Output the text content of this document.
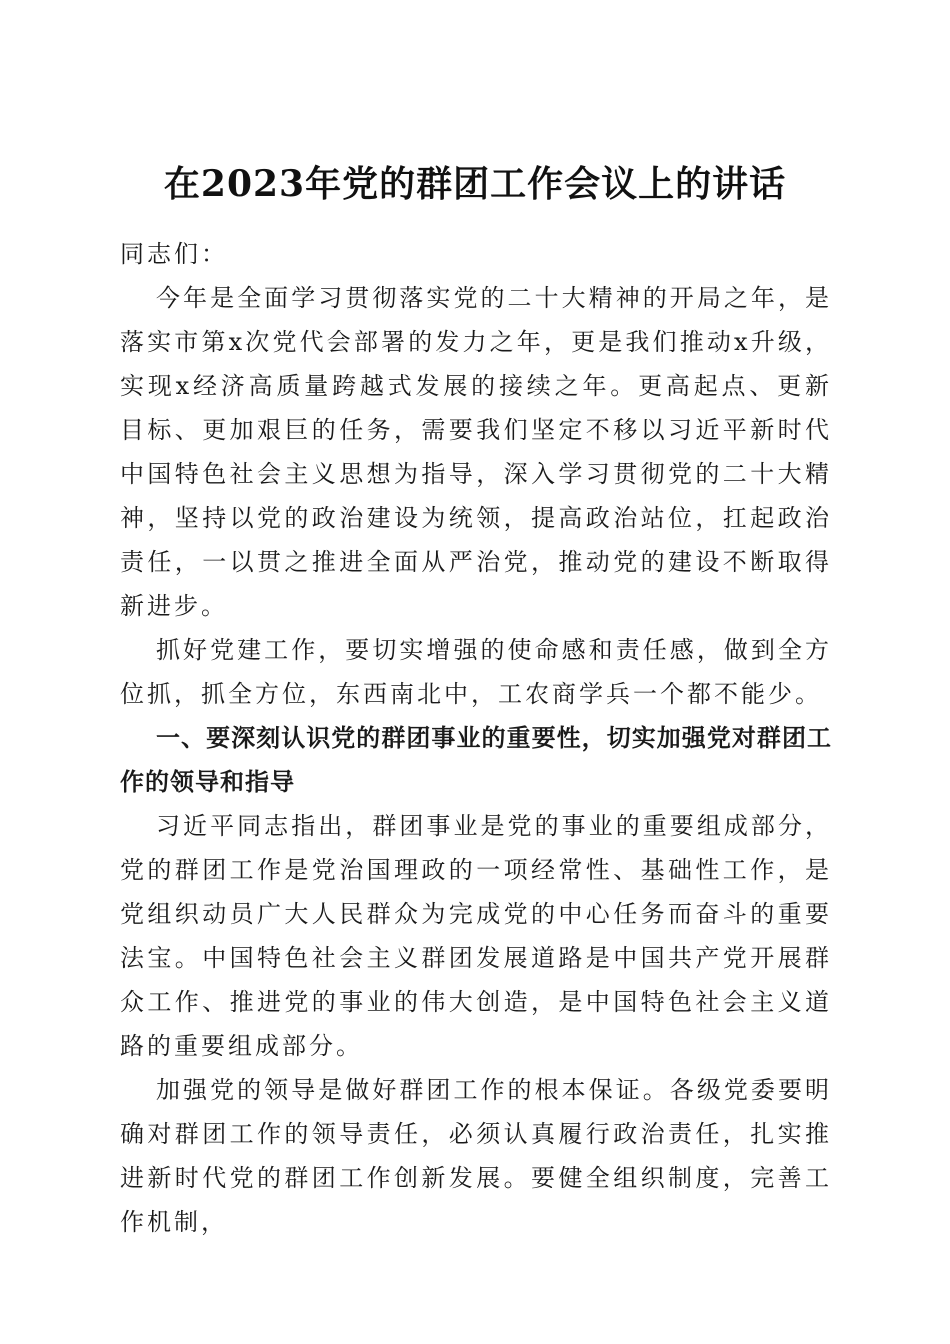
在2023年党的群团工作会议上的讲话

同志们：

今年是全面学习贯彻落实党的二十大精神的开局之年，是落实市第x次党代会部署的发力之年，更是我们推动x升级，实现x经济高质量跨越式发展的接续之年。更高起点、更新目标、更加艰巨的任务，需要我们坚定不移以习近平新时代中国特色社会主义思想为指导，深入学习贯彻党的二十大精神，坚持以党的政治建设为统领，提高政治站位，扛起政治责任，一以贯之推进全面从严治党，推动党的建设不断取得新进步。

抓好党建工作，要切实增强的使命感和责任感，做到全方位抓，抓全方位，东西南北中，工农商学兵一个都不能少。

一、要深刻认识党的群团事业的重要性，切实加强党对群团工作的领导和指导

习近平同志指出，群团事业是党的事业的重要组成部分，党的群团工作是党治国理政的一项经常性、基础性工作，是党组织动员广大人民群众为完成党的中心任务而奋斗的重要法宝。中国特色社会主义群团发展道路是中国共产党开展群众工作、推进党的事业的伟大创造，是中国特色社会主义道路的重要组成部分。

加强党的领导是做好群团工作的根本保证。各级党委要明确对群团工作的领导责任，必须认真履行政治责任，扎实推进新时代党的群团工作创新发展。要健全组织制度，完善工作机制，
